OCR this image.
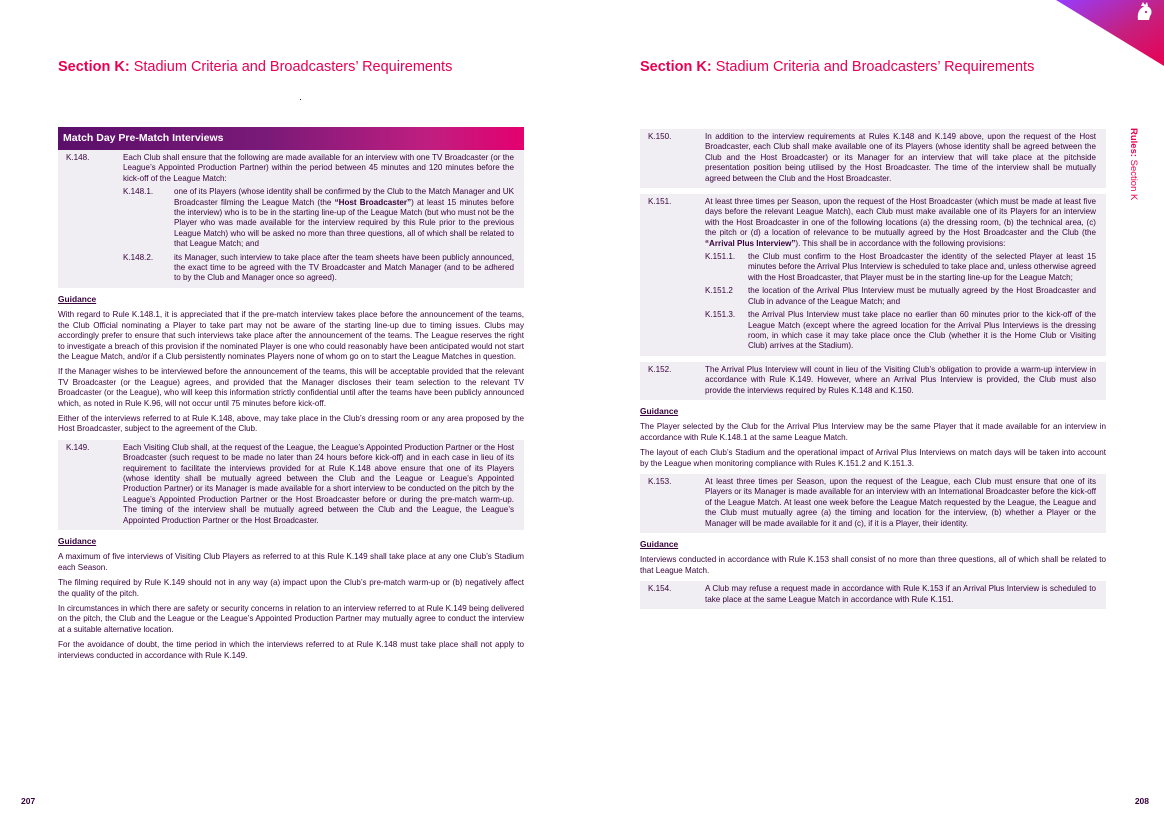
Section K: Stadium Criteria and Broadcasters’ Requirements
Match Day Pre-Match Interviews
K.148.	Each Club shall ensure that the following are made available for an interview with one TV Broadcaster (or the League’s Appointed Production Partner) within the period between 45 minutes and 120 minutes before the kick-off of the League Match:
K.148.1.	one of its Players (whose identity shall be confirmed by the Club to the Match Manager and UK Broadcaster filming the League Match (the “Host Broadcaster”) at least 15 minutes before the interview) who is to be in the starting line-up of the League Match (but who must not be the Player who was made available for the interview required by this Rule prior to the previous League Match) who will be asked no more than three questions, all of which shall be related to that League Match; and
K.148.2.	its Manager, such interview to take place after the team sheets have been publicly announced, the exact time to be agreed with the TV Broadcaster and Match Manager (and to be adhered to by the Club and Manager once so agreed).
Guidance
With regard to Rule K.148.1, it is appreciated that if the pre-match interview takes place before the announcement of the teams, the Club Official nominating a Player to take part may not be aware of the starting line-up due to timing issues. Clubs may accordingly prefer to ensure that such interviews take place after the announcement of the teams. The League reserves the right to investigate a breach of this provision if the nominated Player is one who could reasonably have been anticipated would not start the League Match, and/or if a Club persistently nominates Players none of whom go on to start the League Matches in question.
If the Manager wishes to be interviewed before the announcement of the teams, this will be acceptable provided that the relevant TV Broadcaster (or the League) agrees, and provided that the Manager discloses their team selection to the relevant TV Broadcaster (or the League), who will keep this information strictly confidential until after the teams have been publicly announced which, as noted in Rule K.96, will not occur until 75 minutes before kick-off.
Either of the interviews referred to at Rule K.148, above, may take place in the Club’s dressing room or any area proposed by the Host Broadcaster, subject to the agreement of the Club.
K.149.	Each Visiting Club shall, at the request of the League, the League’s Appointed Production Partner or the Host Broadcaster (such request to be made no later than 24 hours before kick-off) and in each case in lieu of its requirement to facilitate the interviews provided for at Rule K.148 above ensure that one of its Players (whose identity shall be mutually agreed between the Club and the League or League’s Appointed Production Partner) or its Manager is made available for a short interview to be conducted on the pitch by the League’s Appointed Production Partner or the Host Broadcaster before or during the pre-match warm-up. The timing of the interview shall be mutually agreed between the Club and the League, the League’s Appointed Production Partner or the Host Broadcaster.
Guidance
A maximum of five interviews of Visiting Club Players as referred to at this Rule K.149 shall take place at any one Club’s Stadium each Season.
The filming required by Rule K.149 should not in any way (a) impact upon the Club’s pre-match warm-up or (b) negatively affect the quality of the pitch.
In circumstances in which there are safety or security concerns in relation to an interview referred to at Rule K.149 being delivered on the pitch, the Club and the League or the League’s Appointed Production Partner may mutually agree to conduct the interview at a suitable alternative location.
For the avoidance of doubt, the time period in which the interviews referred to at Rule K.148 must take place shall not apply to interviews conducted in accordance with Rule K.149.
207
Section K: Stadium Criteria and Broadcasters’ Requirements
K.150.	In addition to the interview requirements at Rules K.148 and K.149 above, upon the request of the Host Broadcaster, each Club shall make available one of its Players (whose identity shall be agreed between the Club and the Host Broadcaster) or its Manager for an interview that will take place at the pitchside presentation position being utilised by the Host Broadcaster. The time of the interview shall be mutually agreed between the Club and the Host Broadcaster.
K.151.	At least three times per Season, upon the request of the Host Broadcaster (which must be made at least five days before the relevant League Match), each Club must make available one of its Players for an interview with the Host Broadcaster in one of the following locations (a) the dressing room, (b) the technical area, (c) the pitch or (d) a location of relevance to be mutually agreed by the Host Broadcaster and the Club (the “Arrival Plus Interview”). This shall be in accordance with the following provisions:
K.151.1.	the Club must confirm to the Host Broadcaster the identity of the selected Player at least 15 minutes before the Arrival Plus Interview is scheduled to take place and, unless otherwise agreed with the Host Broadcaster, that Player must be in the starting line-up for the League Match;
K.151.2	the location of the Arrival Plus Interview must be mutually agreed by the Host Broadcaster and Club in advance of the League Match; and
K.151.3.	the Arrival Plus Interview must take place no earlier than 60 minutes prior to the kick-off of the League Match (except where the agreed location for the Arrival Plus Interviews is the dressing room, in which case it may take place once the Club (whether it is the Home Club or Visiting Club) arrives at the Stadium).
K.152.	The Arrival Plus Interview will count in lieu of the Visiting Club’s obligation to provide a warm-up interview in accordance with Rule K.149. However, where an Arrival Plus Interview is provided, the Club must also provide the interviews required by Rules K.148 and K.150.
Guidance
The Player selected by the Club for the Arrival Plus Interview may be the same Player that it made available for an interview in accordance with Rule K.148.1 at the same League Match.
The layout of each Club’s Stadium and the operational impact of Arrival Plus Interviews on match days will be taken into account by the League when monitoring compliance with Rules K.151.2 and K.151.3.
K.153.	At least three times per Season, upon the request of the League, each Club must ensure that one of its Players or its Manager is made available for an interview with an International Broadcaster before the kick-off of the League Match. At least one week before the League Match requested by the League, the League and the Club must mutually agree (a) the timing and location for the interview, (b) whether a Player or the Manager will be made available for it and (c), if it is a Player, their identity.
Guidance
Interviews conducted in accordance with Rule K.153 shall consist of no more than three questions, all of which shall be related to that League Match.
K.154.	A Club may refuse a request made in accordance with Rule K.153 if an Arrival Plus Interview is scheduled to take place at the same League Match in accordance with Rule K.151.
Rules: Section K
208
